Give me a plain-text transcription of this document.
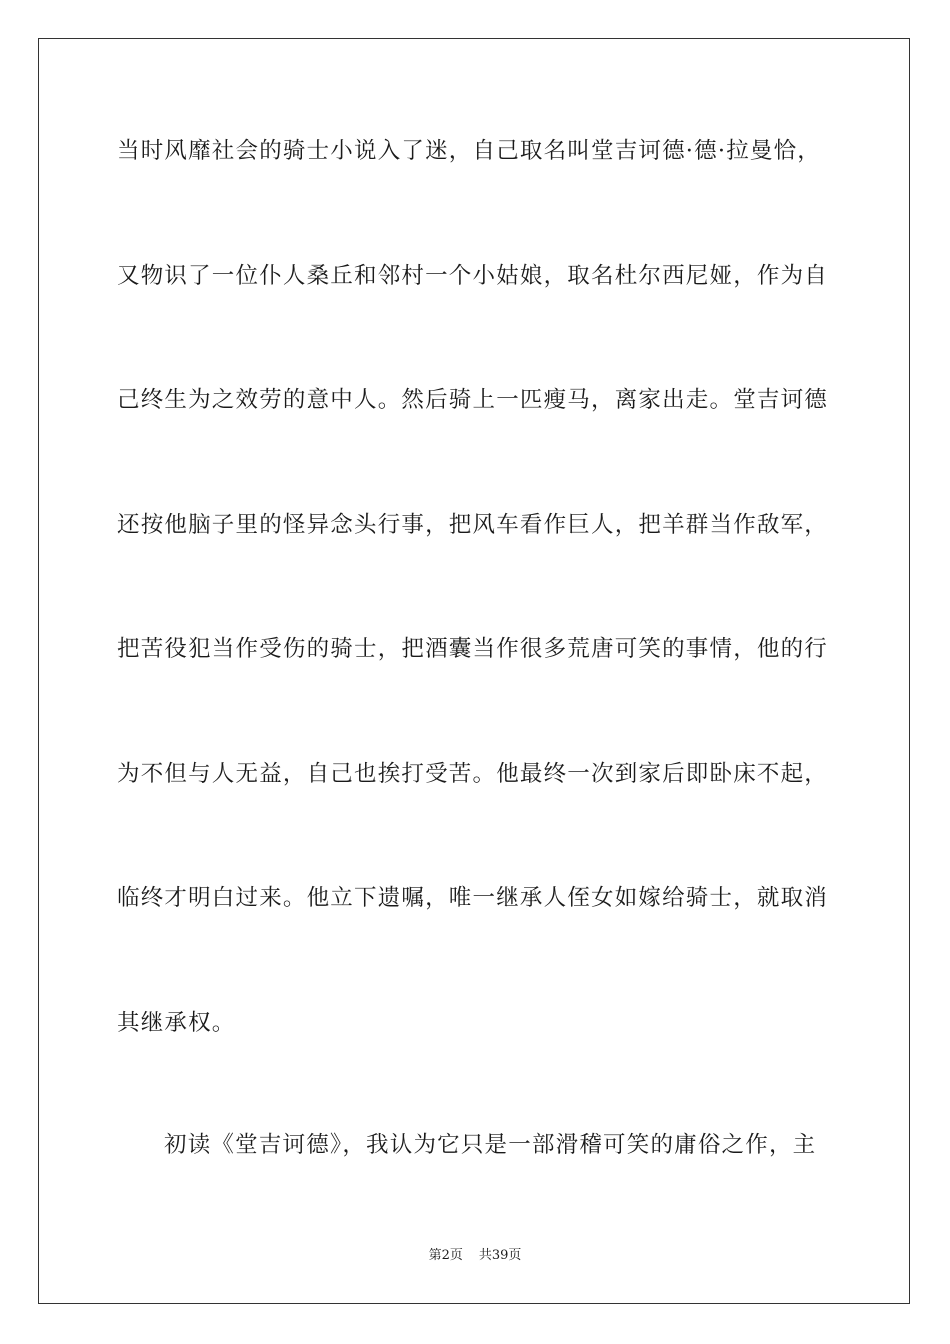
当时风靡社会的骑士小说入了迷，自己取名叫堂吉诃德·德·拉曼恰，
又物识了一位仆人桑丘和邻村一个小姑娘，取名杜尔西尼娅，作为自
己终生为之效劳的意中人。然后骑上一匹瘦马，离家出走。堂吉诃德
还按他脑子里的怪异念头行事，把风车看作巨人，把羊群当作敌军，
把苦役犯当作受伤的骑士，把酒囊当作很多荒唐可笑的事情，他的行
为不但与人无益，自己也挨打受苦。他最终一次到家后即卧床不起，
临终才明白过来。他立下遗嘱，唯一继承人侄女如嫁给骑士，就取消
其继承权。
初读《堂吉诃德》，我认为它只是一部滑稽可笑的庸俗之作，主
第2页 共39页
